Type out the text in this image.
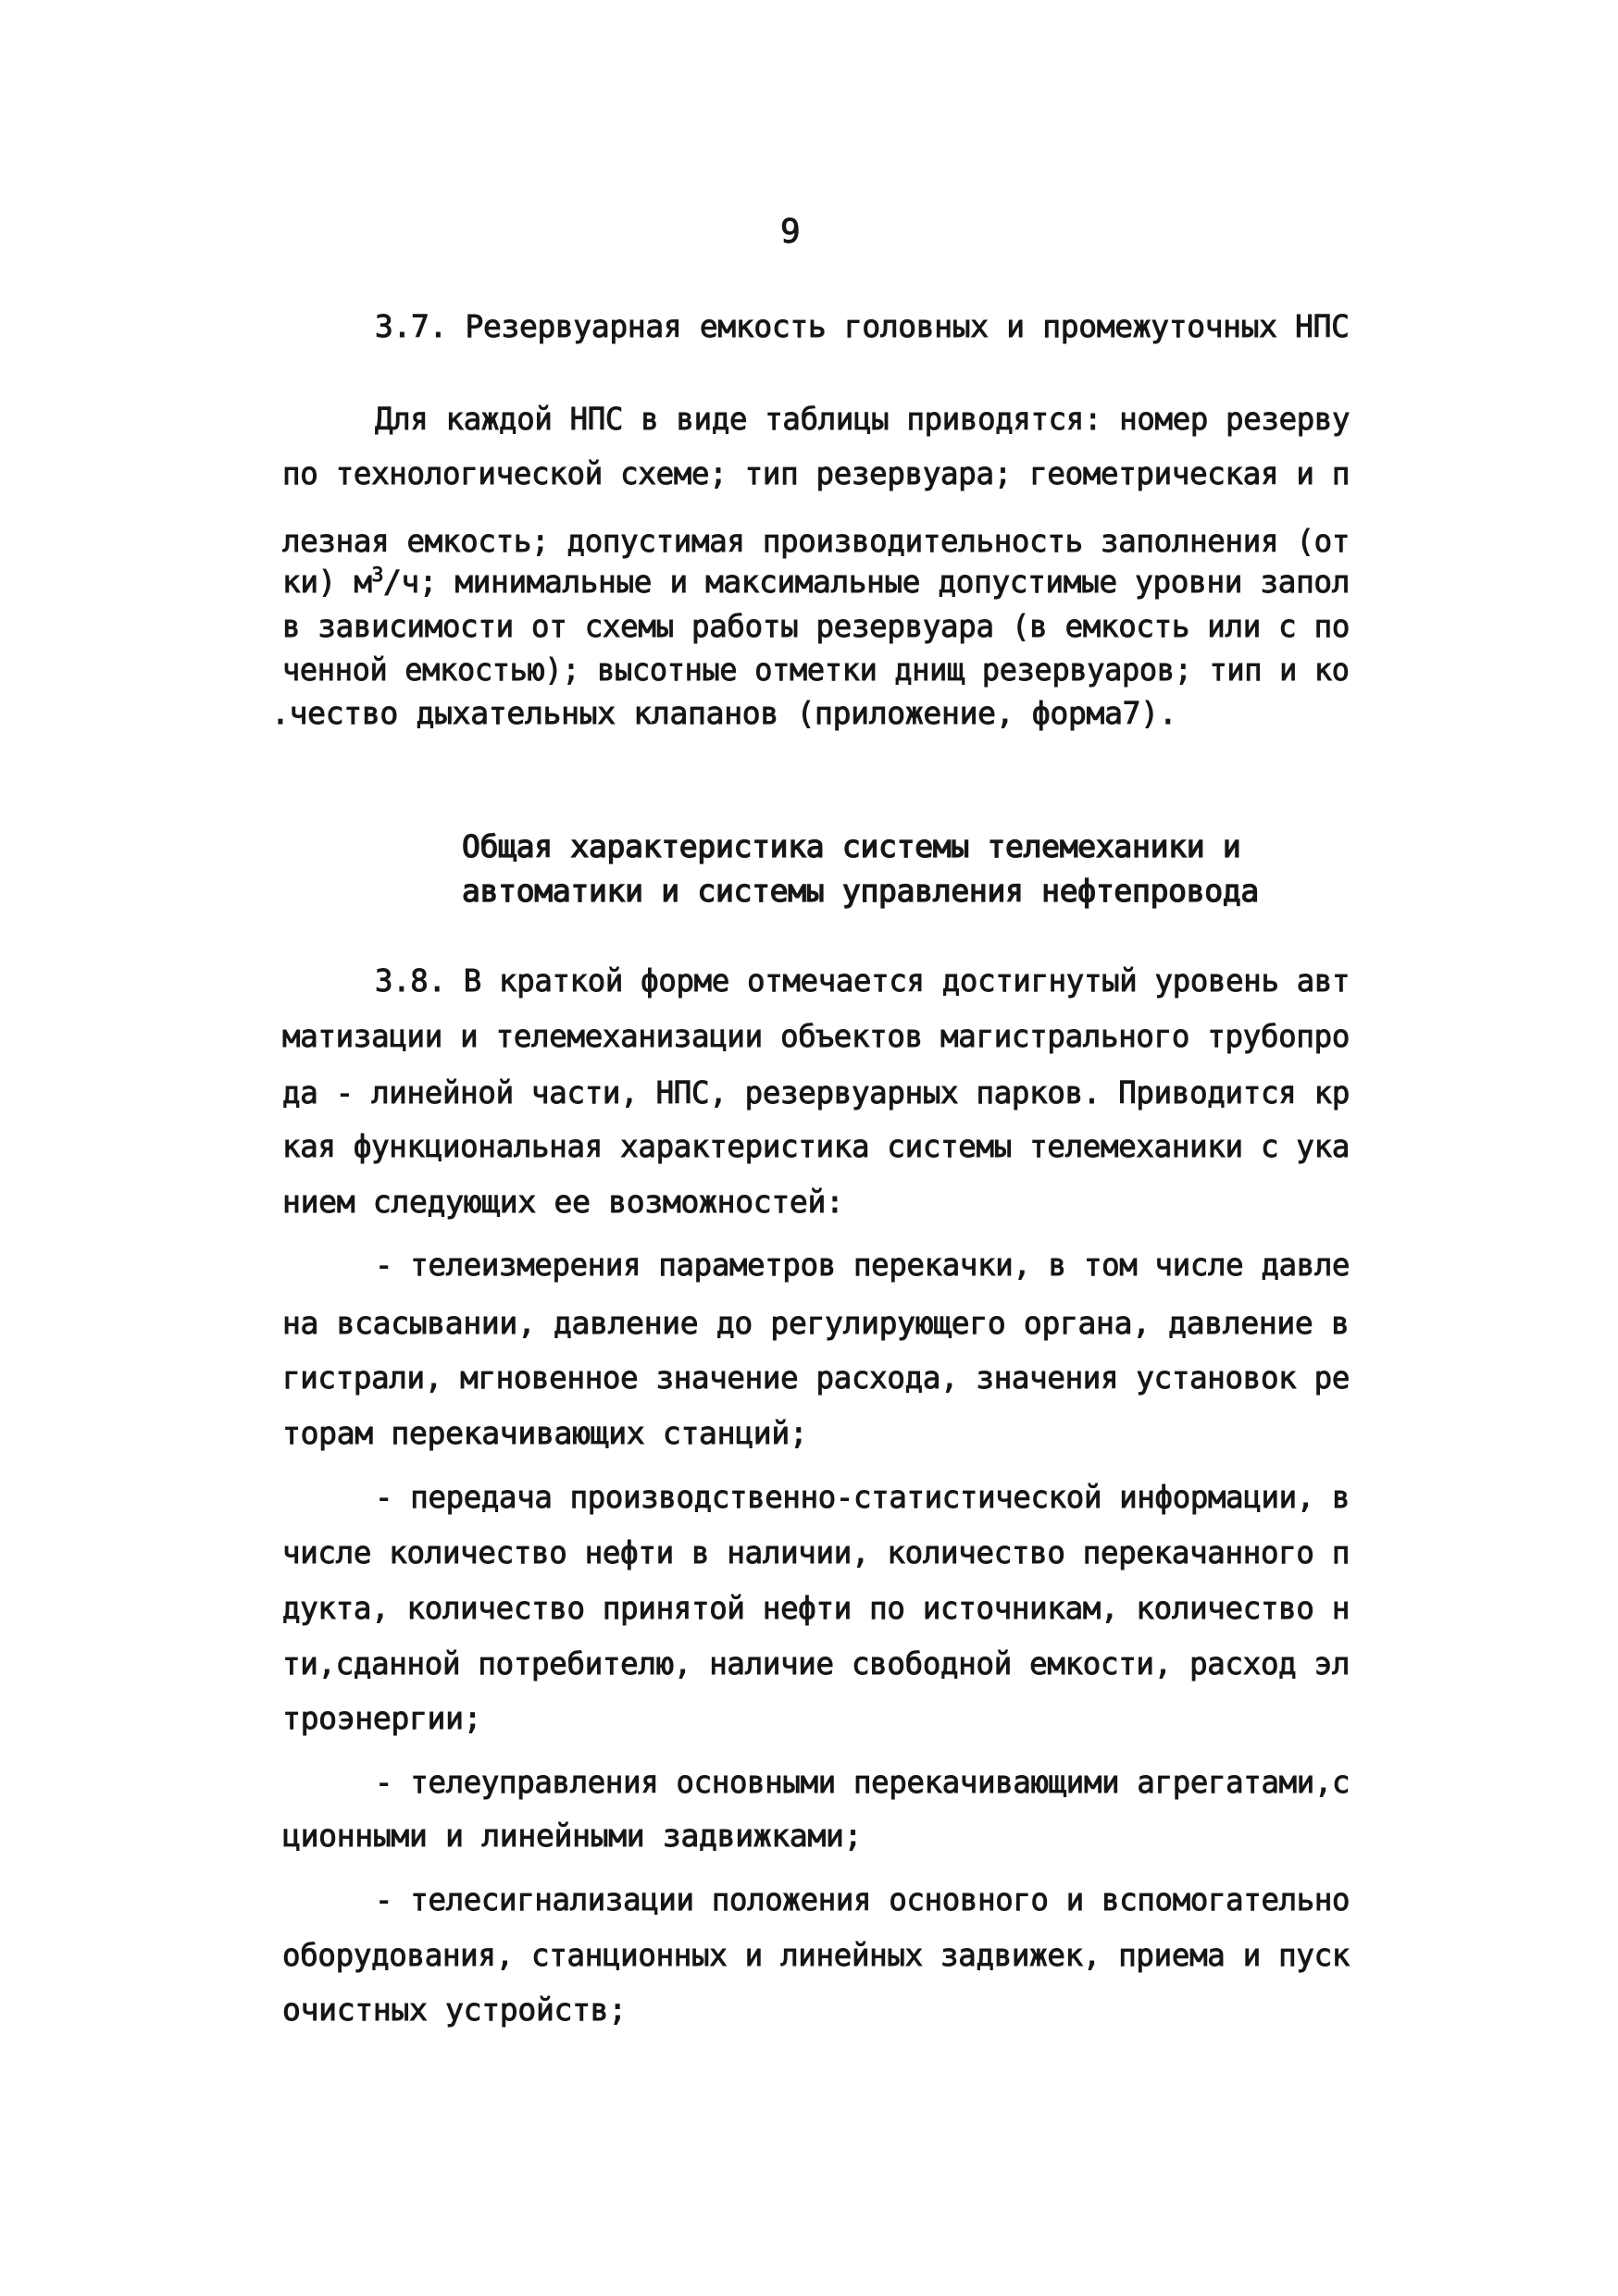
9
3.7. Резервуарная емкость головных и промежуточных НПС
Для каждой НПС в виде таблицы приводятся: номер резерву
по технологической схеме; тип резервуара; геометрическая и п
лезная емкость; допустимая производительность заполнения (от
ки) $м^3/ч$; минимальные и максимальные допустимые уровни запол
в зависимости от схемы работы резервуара (в емкость или с по
ченной емкостью); высотные отметки днищ резервуаров; тип и ко
.чество дыхательных клапанов (приложение, форма7).
Общая характеристика системы телемеханики и
автоматики и системы управления нефтепровода
3.8. В краткой форме отмечается достигнутый уровень авт
матизации и телемеханизации объектов магистрального трубопро
да - линейной части, НПС, резервуарных парков. Приводится кр
кая функциональная характеристика системы телемеханики с ука
нием следующих ее возможностей:
- телеизмерения параметров перекачки, в том числе давле
на всасывании, давление до регулирующего органа, давление в
гистрали, мгновенное значение расхода, значения установок ре
торам перекачивающих станций;
- передача производственно-статистической информации, в
числе количество нефти в наличии, количество перекачанного п
дукта, количество принятой нефти по источникам, количество н
ти,сданной потребителю, наличие свободной емкости, расход эл
троэнергии;
- телеуправления основными перекачивающими агрегатами,с
ционными и линейными задвижками;
- телесигнализации положения основного и вспомогательно
оборудования, станционных и линейных задвижек, приема и пуск
очистных устройств;
